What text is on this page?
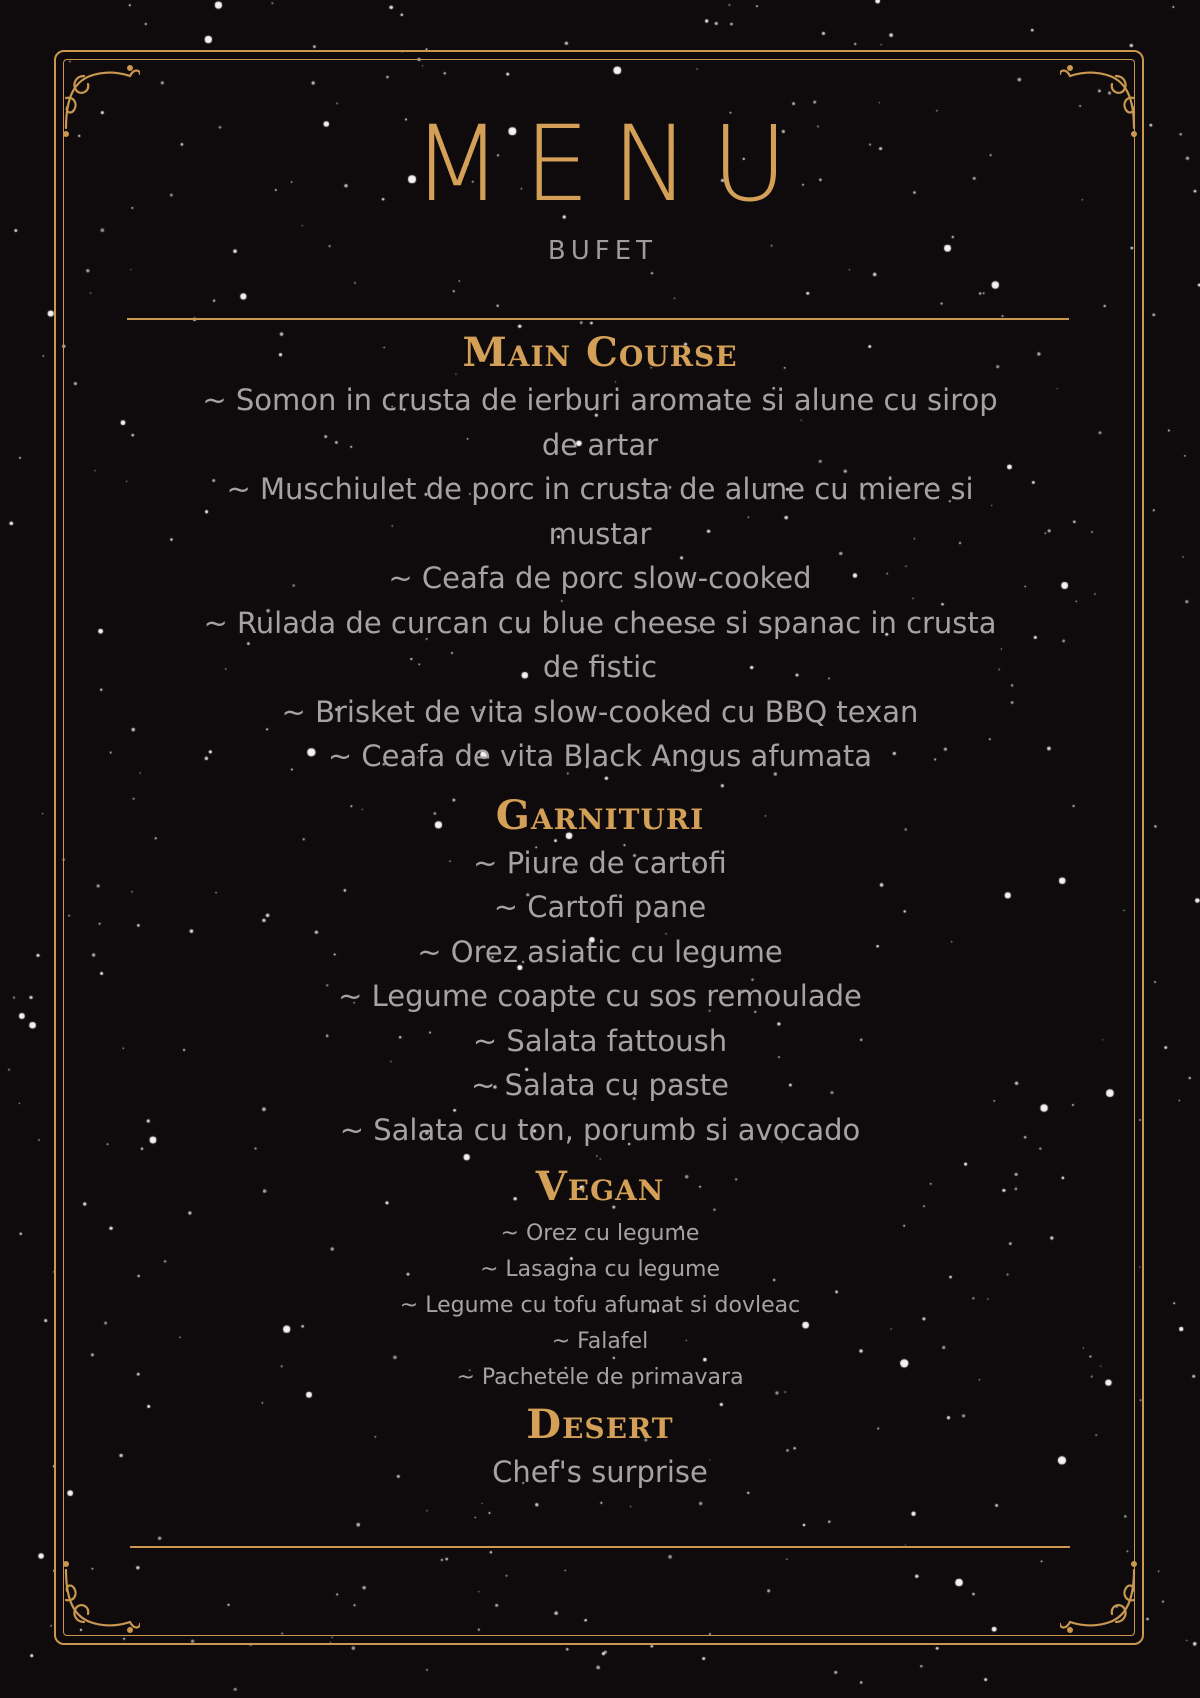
MENU
BUFET
Main Course
~ Somon in crusta de ierburi aromate si alune cu sirop de artar
~ Muschiulet de porc in crusta de alune cu miere si mustar
~ Ceafa de porc slow-cooked
~ Rulada de curcan cu blue cheese si spanac in crusta de fistic
~ Brisket de vita slow-cooked cu BBQ texan
~ Ceafa de vita Black Angus afumata
Garnituri
~ Piure de cartofi
~ Cartofi pane
~ Orez asiatic cu legume
~ Legume coapte cu sos remoulade
~ Salata fattoush
~ Salata cu paste
~ Salata cu ton, porumb si avocado
Vegan
~ Orez cu legume
~ Lasagna cu legume
~ Legume cu tofu afumat si dovleac
~ Falafel
~ Pachetele de primavara
Desert

Chef's surprise
